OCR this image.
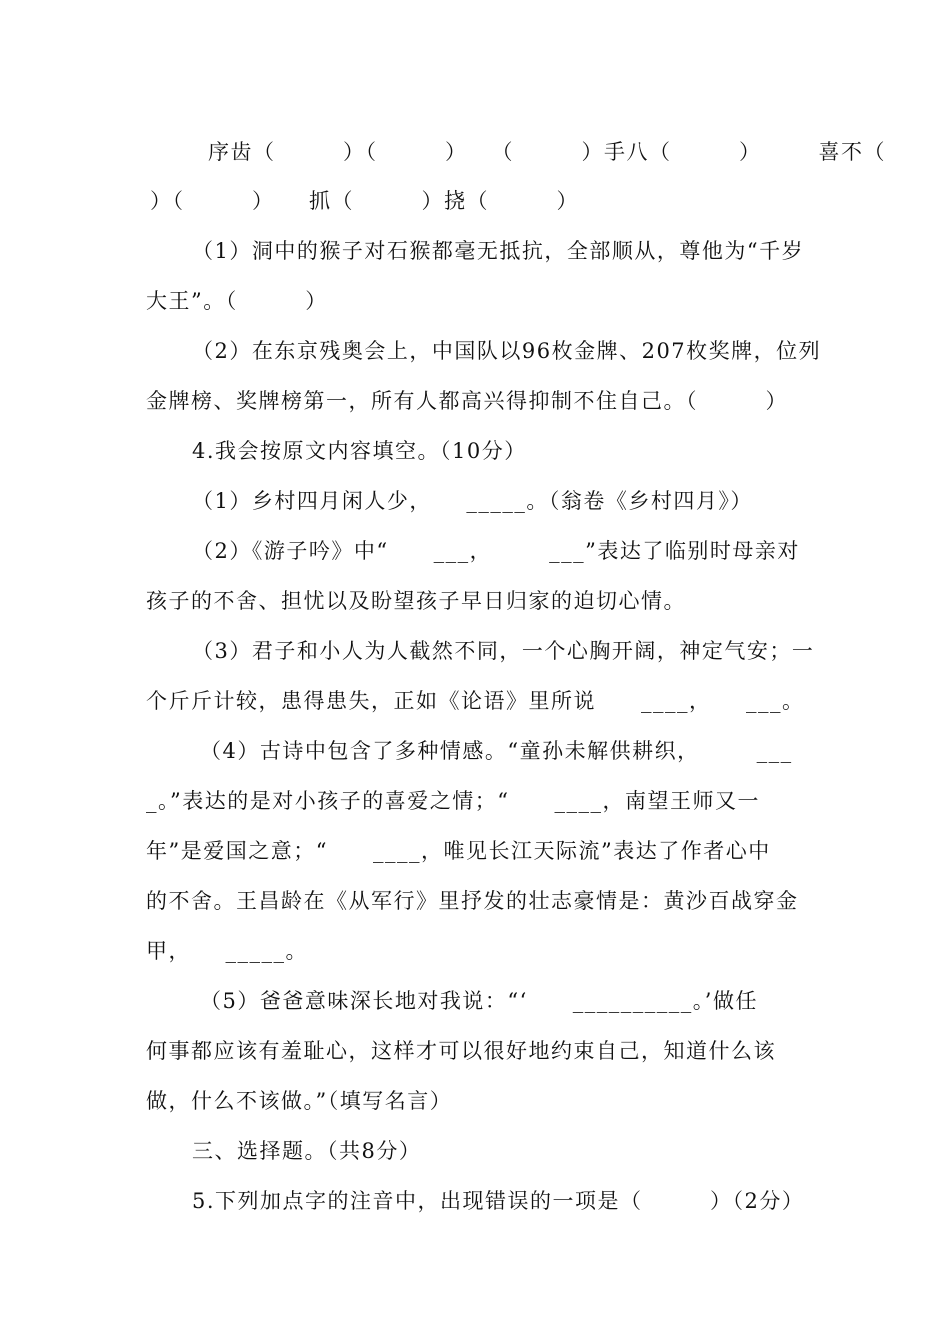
序齿（　　　）（　　　）　　（　　　）手八（　　　）　　　喜不（
）（　　　）　　抓（　　　）挠（　　　）
（1）洞中的猴子对石猴都毫无抵抗，全部顺从，尊他为“千岁
大王”。（　　　）
（2）在东京残奥会上，中国队以96枚金牌、207枚奖牌，位列
金牌榜、奖牌榜第一，所有人都高兴得抑制不住自己。（　　　）
4.我会按原文内容填空。（10分）
（1）乡村四月闲人少，　　_____。（翁卷《乡村四月》）
（2）《游子吟》中“　　___，　　　___”表达了临别时母亲对
孩子的不舍、担忧以及盼望孩子早日归家的迫切心情。
（3）君子和小人为人截然不同，一个心胸开阔，神定气安；一
个斤斤计较，患得患失，正如《论语》里所说　　____，　　___。
（4）古诗中包含了多种情感。“童孙未解供耕织，　　　___
_。”表达的是对小孩子的喜爱之情；“　　____，南望王师又一
年”是爱国之意；“　　____，唯见长江天际流”表达了作者心中
的不舍。王昌龄在《从军行》里抒发的壮志豪情是：黄沙百战穿金
甲，　　_____。
（5）爸爸意味深长地对我说：“‘　　__________。’做任
何事都应该有羞耻心，这样才可以很好地约束自己，知道什么该
做，什么不该做。”（填写名言）
三、选择题。（共8分）
5.下列加点字的注音中，出现错误的一项是（　　　）（2分）
